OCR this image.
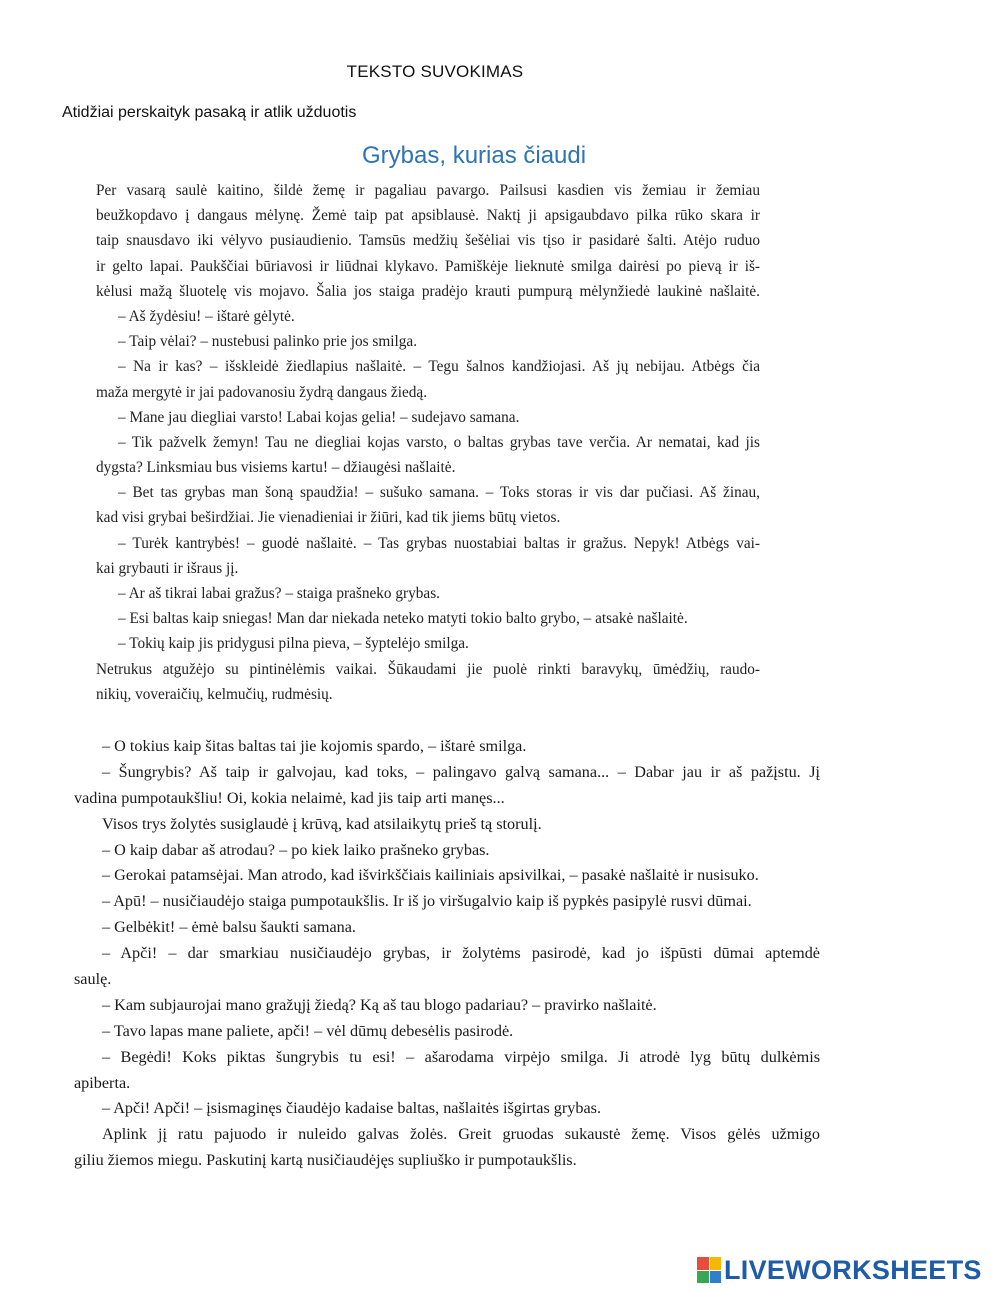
TEKSTO SUVOKIMAS
Atidžiai perskaityk pasaką ir atlik užduotis
Grybas, kurias čiaudi
Per vasarą saulė kaitino, šildė žemę ir pagaliau pavargo. Pailsusi kasdien vis žemiau ir žemiau
beužkopdavo į dangaus mėlynę. Žemė taip pat apsiblausė. Naktį ji apsigaubdavo pilka rūko skara ir
taip snausdavo iki vėlyvo pusiaudienio. Tamsūs medžių šešėliai vis tįso ir pasidarė šalti. Atėjo ruduo
ir gelto lapai. Paukščiai būriavosi ir liūdnai klykavo. Pamiškėje lieknutė smilga dairėsi po pievą ir iš-
kėlusi mažą šluotelę vis mojavo. Šalia jos staiga pradėjo krauti pumpurą mėlynžiedė laukinė našlaitė.
– Aš žydėsiu! – ištarė gėlytė.
– Taip vėlai? – nustebusi palinko prie jos smilga.
– Na ir kas? – išskleidė žiedlapius našlaitė. – Tegu šalnos kandžiojasi. Aš jų nebijau. Atbėgs čia
maža mergytė ir jai padovanosiu žydrą dangaus žiedą.
– Mane jau diegliai varsto! Labai kojas gelia! – sudejavo samana.
– Tik pažvelk žemyn! Tau ne diegliai kojas varsto, o baltas grybas tave verčia. Ar nematai, kad jis
dygsta? Linksmiau bus visiems kartu! – džiaugėsi našlaitė.
– Bet tas grybas man šoną spaudžia! – sušuko samana. – Toks storas ir vis dar pučiasi. Aš žinau,
kad visi grybai beširdžiai. Jie vienadieniai ir žiūri, kad tik jiems būtų vietos.
– Turėk kantrybės! – guodė našlaitė. – Tas grybas nuostabiai baltas ir gražus. Nepyk! Atbėgs vai-
kai grybauti ir išraus jį.
– Ar aš tikrai labai gražus? – staiga prašneko grybas.
– Esi baltas kaip sniegas! Man dar niekada neteko matyti tokio balto grybo, – atsakė našlaitė.
– Tokių kaip jis pridygusi pilna pieva, – šyptelėjo smilga.
Netrukus atgužėjo su pintinėlėmis vaikai. Šūkaudami jie puolė rinkti baravykų, ūmėdžių, raudo-
nikių, voveraičių, kelmučių, rudmėsių.
– O tokius kaip šitas baltas tai jie kojomis spardo, – ištarė smilga.
– Šungrybis? Aš taip ir galvojau, kad toks, – palingavo galvą samana... – Dabar jau ir aš pažįstu. Jį
vadina pumpotaukšliu! Oi, kokia nelaimė, kad jis taip arti manęs...
Visos trys žolytės susiglaudė į krūvą, kad atsilaikytų prieš tą storulį.
– O kaip dabar aš atrodau? – po kiek laiko prašneko grybas.
– Gerokai patamsėjai. Man atrodo, kad išvirkščiais kailiniais apsivilkai, – pasakė našlaitė ir nusisuko.
– Apū! – nusičiaudėjo staiga pumpotaukšlis. Ir iš jo viršugalvio kaip iš pypkės pasipylė rusvi dūmai.
– Gelbėkit! – ėmė balsu šaukti samana.
– Apči! – dar smarkiau nusičiaudėjo grybas, ir žolytėms pasirodė, kad jo išpūsti dūmai aptemdė
saulę.
– Kam subjaurojai mano gražųjį žiedą? Ką aš tau blogo padariau? – pravirko našlaitė.
– Tavo lapas mane paliete, apči! – vėl dūmų debesėlis pasirodė.
– Begėdi! Koks piktas šungrybis tu esi! – ašarodama virpėjo smilga. Ji atrodė lyg būtų dulkėmis
apiberta.
– Apči! Apči! – įsismaginęs čiaudėjo kadaise baltas, našlaitės išgirtas grybas.
Aplink jį ratu pajuodo ir nuleido galvas žolės. Greit gruodas sukaustė žemę. Visos gėlės užmigo
giliu žiemos miegu. Paskutinį kartą nusičiaudėjęs supliuško ir pumpotaukšlis.
LIVEWORKSHEETS
